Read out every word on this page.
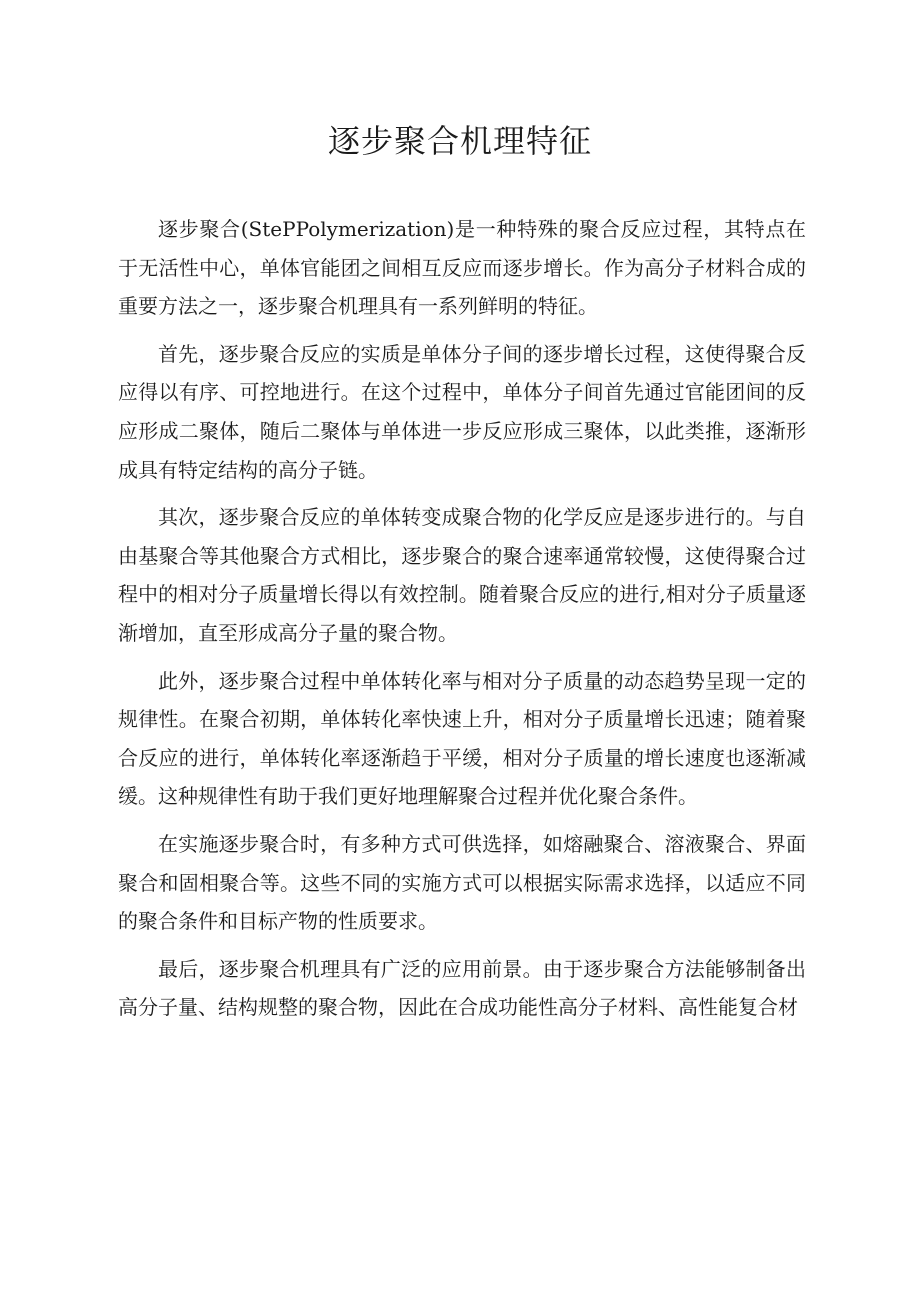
逐步聚合机理特征

逐步聚合(StePPolymerization)是一种特殊的聚合反应过程，其特点在于无活性中心，单体官能团之间相互反应而逐步增长。作为高分子材料合成的重要方法之一，逐步聚合机理具有一系列鲜明的特征。

首先，逐步聚合反应的实质是单体分子间的逐步增长过程，这使得聚合反应得以有序、可控地进行。在这个过程中，单体分子间首先通过官能团间的反应形成二聚体，随后二聚体与单体进一步反应形成三聚体，以此类推，逐渐形成具有特定结构的高分子链。

其次，逐步聚合反应的单体转变成聚合物的化学反应是逐步进行的。与自由基聚合等其他聚合方式相比，逐步聚合的聚合速率通常较慢，这使得聚合过程中的相对分子质量增长得以有效控制。随着聚合反应的进行,相对分子质量逐渐增加，直至形成高分子量的聚合物。

此外，逐步聚合过程中单体转化率与相对分子质量的动态趋势呈现一定的规律性。在聚合初期，单体转化率快速上升，相对分子质量增长迅速；随着聚合反应的进行，单体转化率逐渐趋于平缓，相对分子质量的增长速度也逐渐减缓。这种规律性有助于我们更好地理解聚合过程并优化聚合条件。

在实施逐步聚合时，有多种方式可供选择，如熔融聚合、溶液聚合、界面聚合和固相聚合等。这些不同的实施方式可以根据实际需求选择，以适应不同的聚合条件和目标产物的性质要求。

最后，逐步聚合机理具有广泛的应用前景。由于逐步聚合方法能够制备出高分子量、结构规整的聚合物，因此在合成功能性高分子材料、高性能复合材
